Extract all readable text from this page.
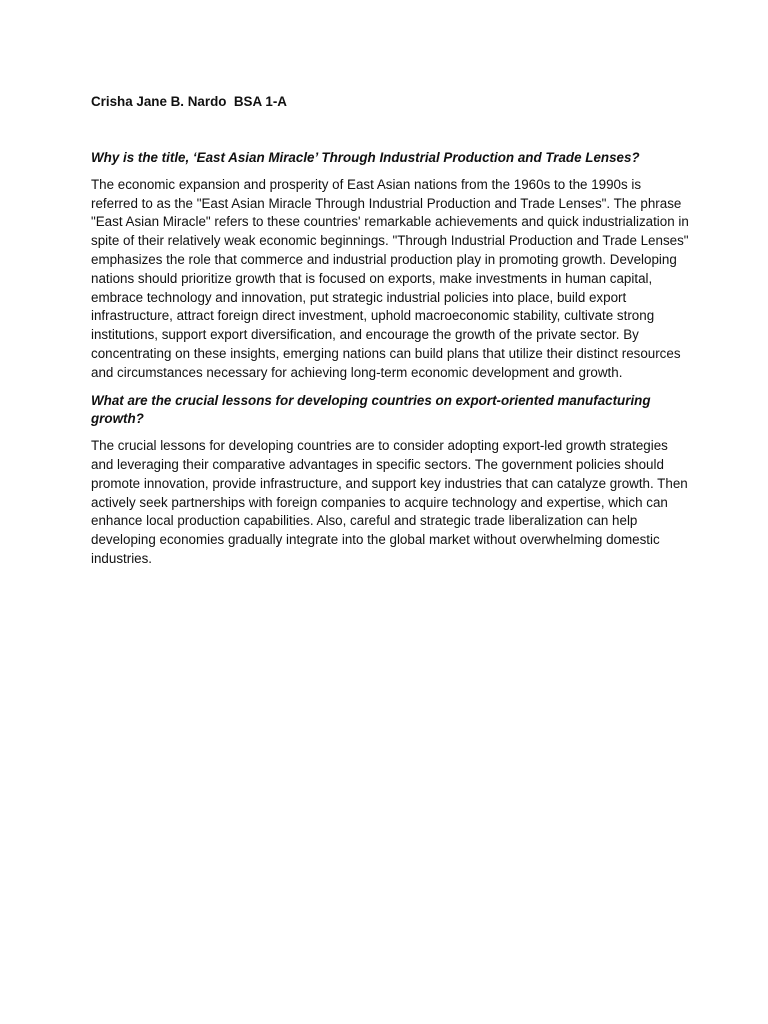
Crisha Jane B. Nardo  BSA 1-A

Why is the title, ‘East Asian Miracle’ Through Industrial Production and Trade Lenses?

The economic expansion and prosperity of East Asian nations from the 1960s to the 1990s is referred to as the "East Asian Miracle Through Industrial Production and Trade Lenses". The phrase "East Asian Miracle" refers to these countries' remarkable achievements and quick industrialization in spite of their relatively weak economic beginnings. "Through Industrial Production and Trade Lenses" emphasizes the role that commerce and industrial production play in promoting growth. Developing nations should prioritize growth that is focused on exports, make investments in human capital, embrace technology and innovation, put strategic industrial policies into place, build export infrastructure, attract foreign direct investment, uphold macroeconomic stability, cultivate strong institutions, support export diversification, and encourage the growth of the private sector. By concentrating on these insights, emerging nations can build plans that utilize their distinct resources and circumstances necessary for achieving long-term economic development and growth.

What are the crucial lessons for developing countries on export-oriented manufacturing growth?

The crucial lessons for developing countries are to consider adopting export-led growth strategies and leveraging their comparative advantages in specific sectors. The government policies should promote innovation, provide infrastructure, and support key industries that can catalyze growth. Then actively seek partnerships with foreign companies to acquire technology and expertise, which can enhance local production capabilities. Also, careful and strategic trade liberalization can help developing economies gradually integrate into the global market without overwhelming domestic industries.
